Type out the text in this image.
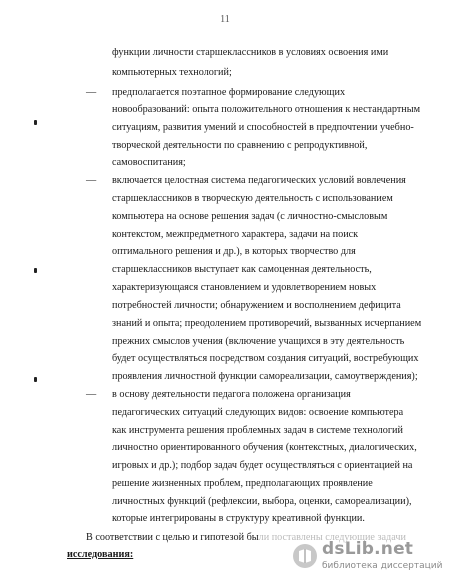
11
функции личности старшеклассников в условиях освоения ими
компьютерных технологий;
— предполагается поэтапное формирование следующих
новообразований: опыта положительного отношения к нестандартным
ситуациям, развития умений и способностей в предпочтении учебно-
творческой деятельности по сравнению с репродуктивной,
самовоспитания;
— включается целостная система педагогических условий вовлечения
старшеклассников в творческую деятельность с использованием
компьютера на основе решения задач (с личностно-смысловым
контекстом, межпредметного характера, задачи на поиск
оптимального решения и др.), в которых творчество для
старшеклассников выступает как самоценная деятельность,
характеризующаяся становлением и удовлетворением новых
потребностей личности; обнаружением и восполнением дефицита
знаний и опыта; преодолением противоречий, вызванных исчерпанием
прежних смыслов учения (включение учащихся в эту деятельность
будет осуществляться посредством создания ситуаций, востребующих
проявления личностной функции самореализации, самоутверждения);
— в основу деятельности педагога положена организация
педагогических ситуаций следующих видов: освоение компьютера
как инструмента решения проблемных задач в системе технологий
личностно ориентированного обучения (контекстных, диалогических,
игровых и др.); подбор задач будет осуществляться с ориентацией на
решение жизненных проблем, предполагающих проявление
личностных функций (рефлексии, выбора, оценки, самореализации),
которые интегрированы в структуру креативной функции.
В соответствии с целью и гипотезой были поставлены следующие задачи
исследования:	dsLib.net
библиотека диссертаций
